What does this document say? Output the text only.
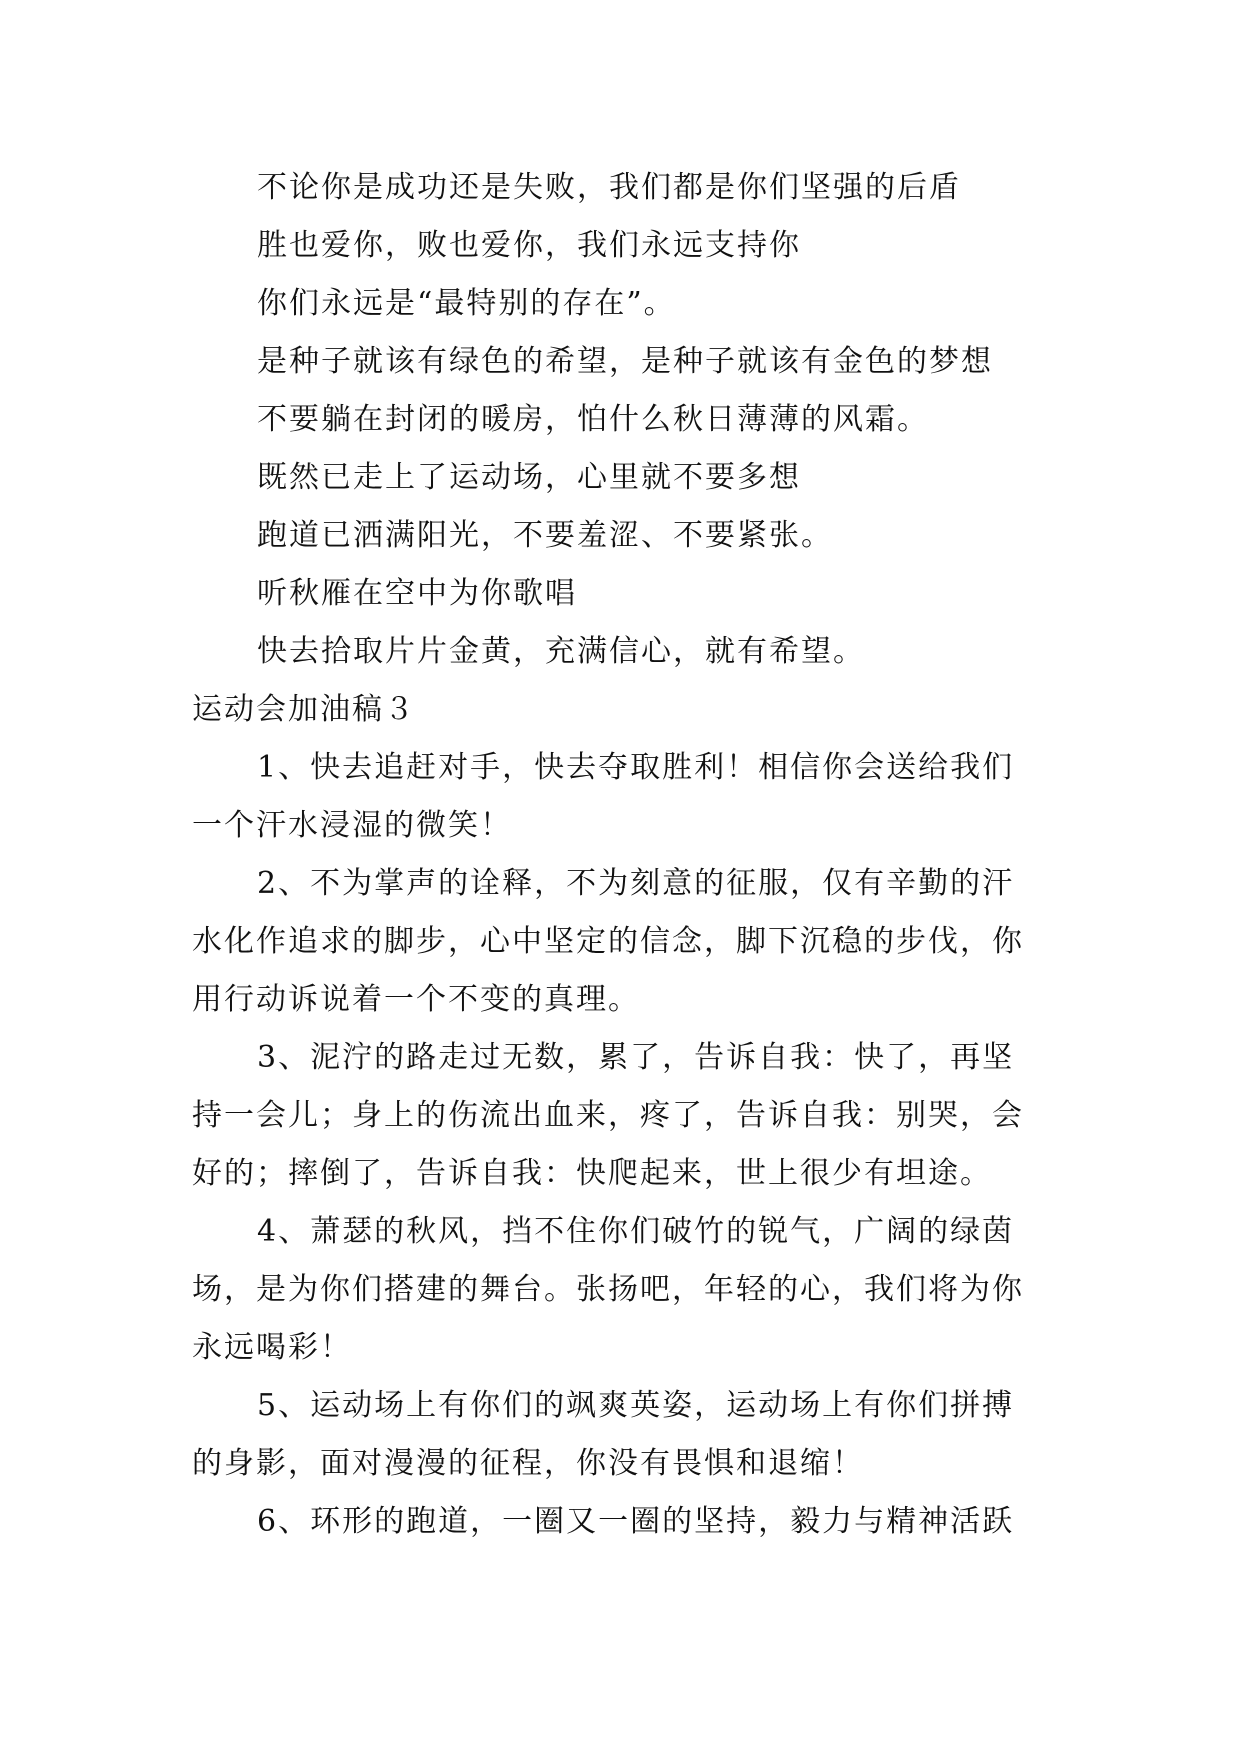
不论你是成功还是失败，我们都是你们坚强的后盾
胜也爱你，败也爱你，我们永远支持你
你们永远是“最特别的存在”。
是种子就该有绿色的希望，是种子就该有金色的梦想
不要躺在封闭的暖房，怕什么秋日薄薄的风霜。
既然已走上了运动场，心里就不要多想
跑道已洒满阳光，不要羞涩、不要紧张。
听秋雁在空中为你歌唱
快去拾取片片金黄，充满信心，就有希望。
运动会加油稿３
1、快去追赶对手，快去夺取胜利！相信你会送给我们
一个汗水浸湿的微笑！
2、不为掌声的诠释，不为刻意的征服，仅有辛勤的汗
水化作追求的脚步，心中坚定的信念，脚下沉稳的步伐，你
用行动诉说着一个不变的真理。
3、泥泞的路走过无数，累了，告诉自我：快了，再坚
持一会儿；身上的伤流出血来，疼了，告诉自我：别哭，会
好的；摔倒了，告诉自我：快爬起来，世上很少有坦途。
4、萧瑟的秋风，挡不住你们破竹的锐气，广阔的绿茵
场，是为你们搭建的舞台。张扬吧，年轻的心，我们将为你
永远喝彩！
5、运动场上有你们的飒爽英姿，运动场上有你们拼搏
的身影，面对漫漫的征程，你没有畏惧和退缩！
6、环形的跑道，一圈又一圈的坚持，毅力与精神活跃
